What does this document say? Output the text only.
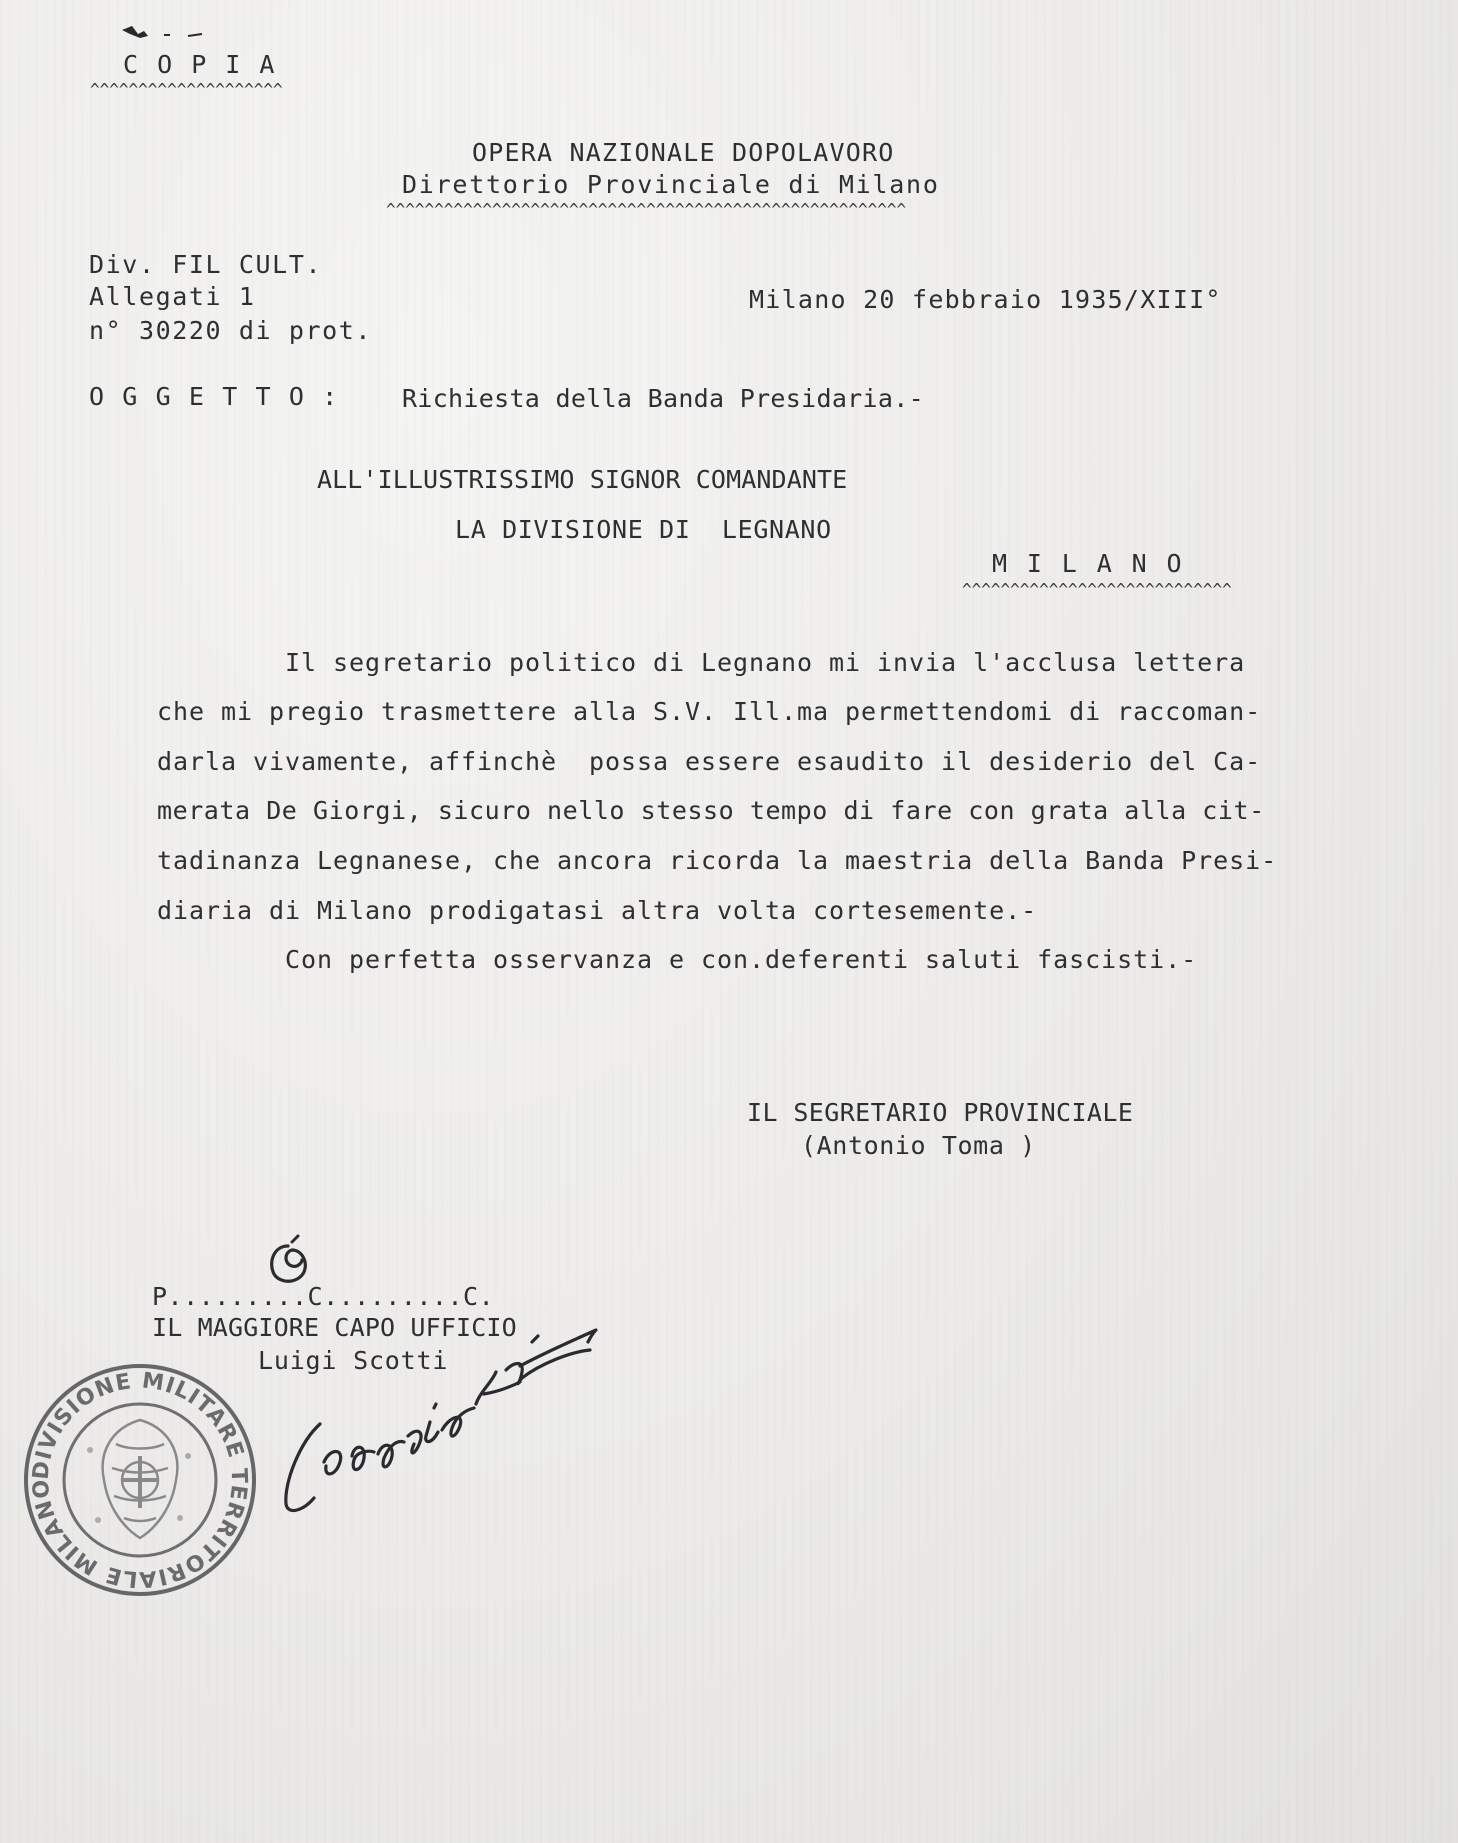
C O P I A
^^^^^^^^^^^^^^^^^^^^
OPERA NAZIONALE DOPOLAVORO
Direttorio Provinciale di Milano
^^^^^^^^^^^^^^^^^^^^^^^^^^^^^^^^^^^^^^^^^^^^^^^^^^^^^^
Div. FIL CULT.
Allegati 1
n° 30220 di prot.
Milano 20 febbraio 1935/XIII°
O G G E T T O :	Richiesta della Banda Presidaria.-
ALL'ILLUSTRISSIMO SIGNOR COMANDANTE
LA DIVISIONE DI  LEGNANO
M I L A N O
^^^^^^^^^^^^^^^^^^^^^^^^^^^^
Il segretario politico di Legnano mi invia l'acclusa lettera
che mi pregio trasmettere alla S.V. Ill.ma permettendomi di raccoman-
darla vivamente, affinchè  possa essere esaudito il desiderio del Ca-
merata De Giorgi, sicuro nello stesso tempo di fare con grata alla cit-
tadinanza Legnanese, che ancora ricorda la maestria della Banda Presi-
diaria di Milano prodigatasi altra volta cortesemente.-
Con perfetta osservanza e con.deferenti saluti fascisti.-
IL SEGRETARIO PROVINCIALE
(Antonio Toma )
P.........C.........C.
IL MAGGIORE CAPO UFFICIO
Luigi Scotti
DIVISIONE MILITARE TERRITORIALE MILANO
